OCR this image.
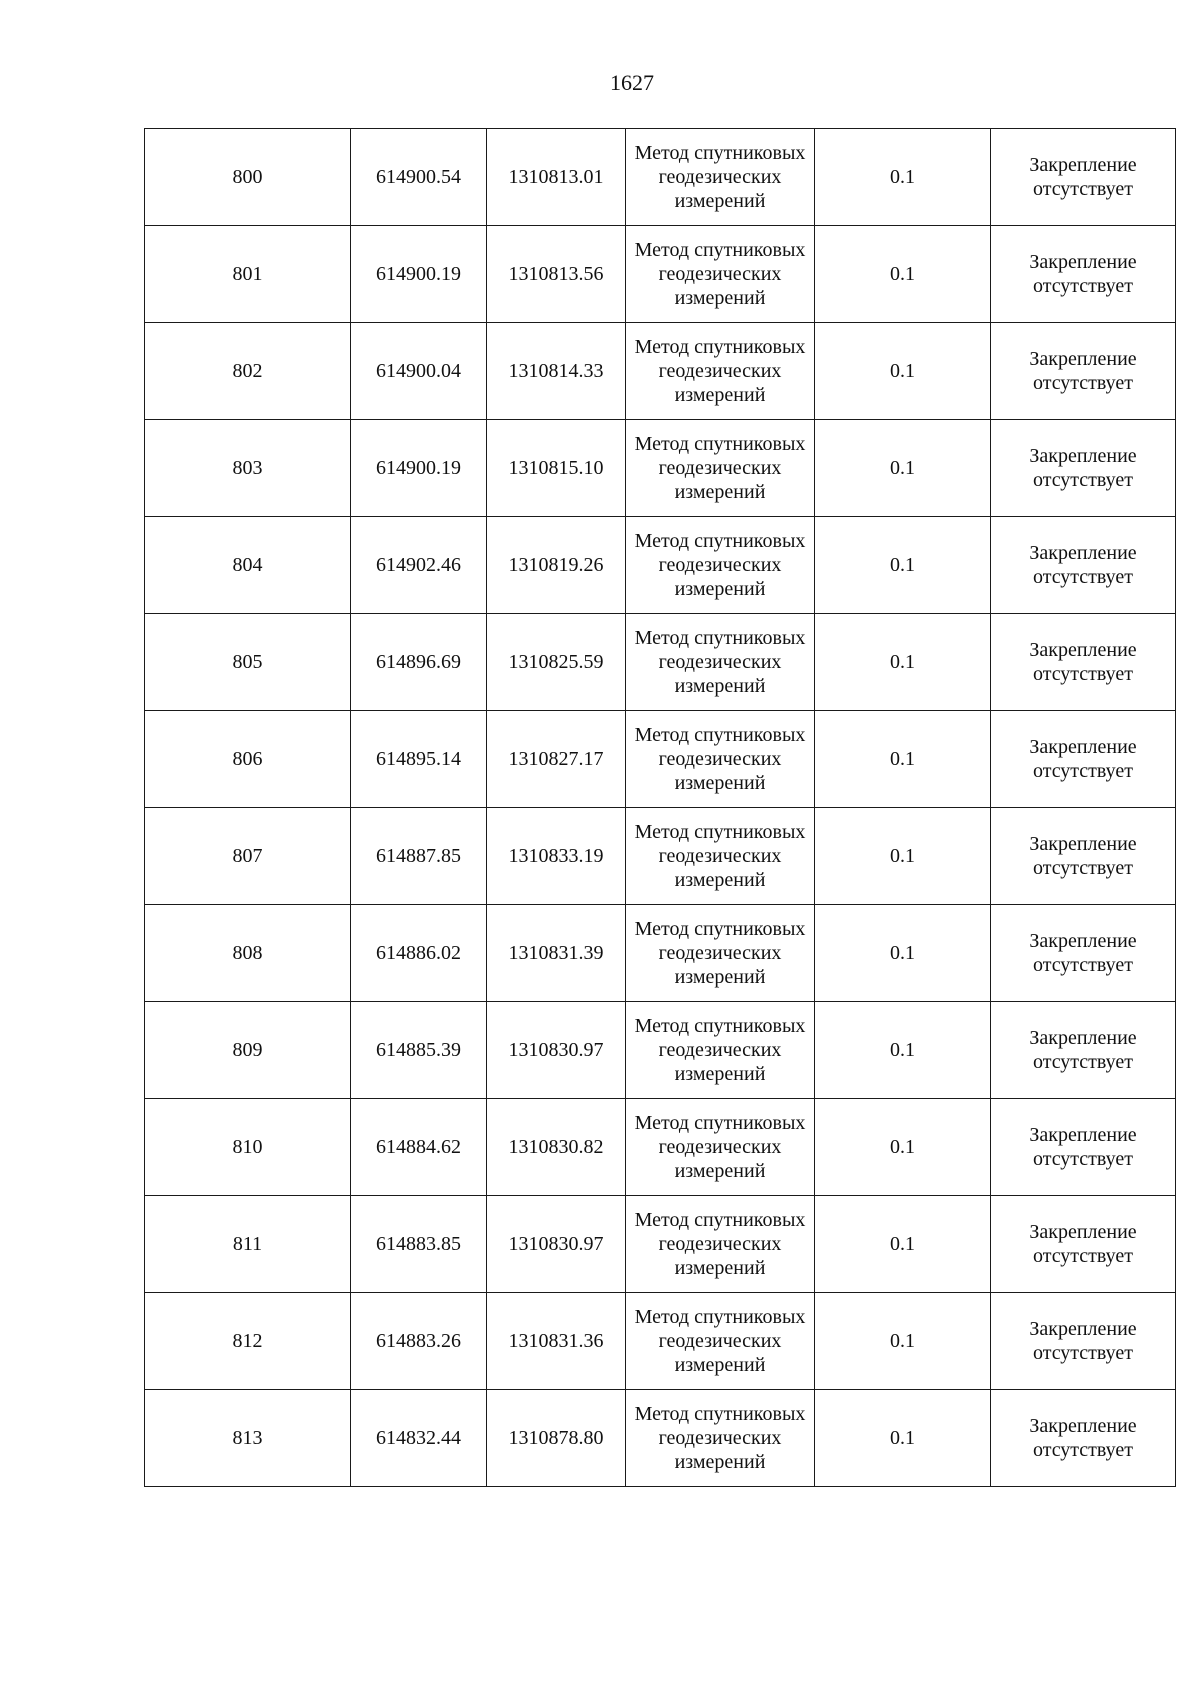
1627
800	614900.54	1310813.01	Метод спутниковых геодезических измерений	0.1	Закрепление отсутствует
801	614900.19	1310813.56	Метод спутниковых геодезических измерений	0.1	Закрепление отсутствует
802	614900.04	1310814.33	Метод спутниковых геодезических измерений	0.1	Закрепление отсутствует
803	614900.19	1310815.10	Метод спутниковых геодезических измерений	0.1	Закрепление отсутствует
804	614902.46	1310819.26	Метод спутниковых геодезических измерений	0.1	Закрепление отсутствует
805	614896.69	1310825.59	Метод спутниковых геодезических измерений	0.1	Закрепление отсутствует
806	614895.14	1310827.17	Метод спутниковых геодезических измерений	0.1	Закрепление отсутствует
807	614887.85	1310833.19	Метод спутниковых геодезических измерений	0.1	Закрепление отсутствует
808	614886.02	1310831.39	Метод спутниковых геодезических измерений	0.1	Закрепление отсутствует
809	614885.39	1310830.97	Метод спутниковых геодезических измерений	0.1	Закрепление отсутствует
810	614884.62	1310830.82	Метод спутниковых геодезических измерений	0.1	Закрепление отсутствует
811	614883.85	1310830.97	Метод спутниковых геодезических измерений	0.1	Закрепление отсутствует
812	614883.26	1310831.36	Метод спутниковых геодезических измерений	0.1	Закрепление отсутствует
813	614832.44	1310878.80	Метод спутниковых геодезических измерений	0.1	Закрепление отсутствует
